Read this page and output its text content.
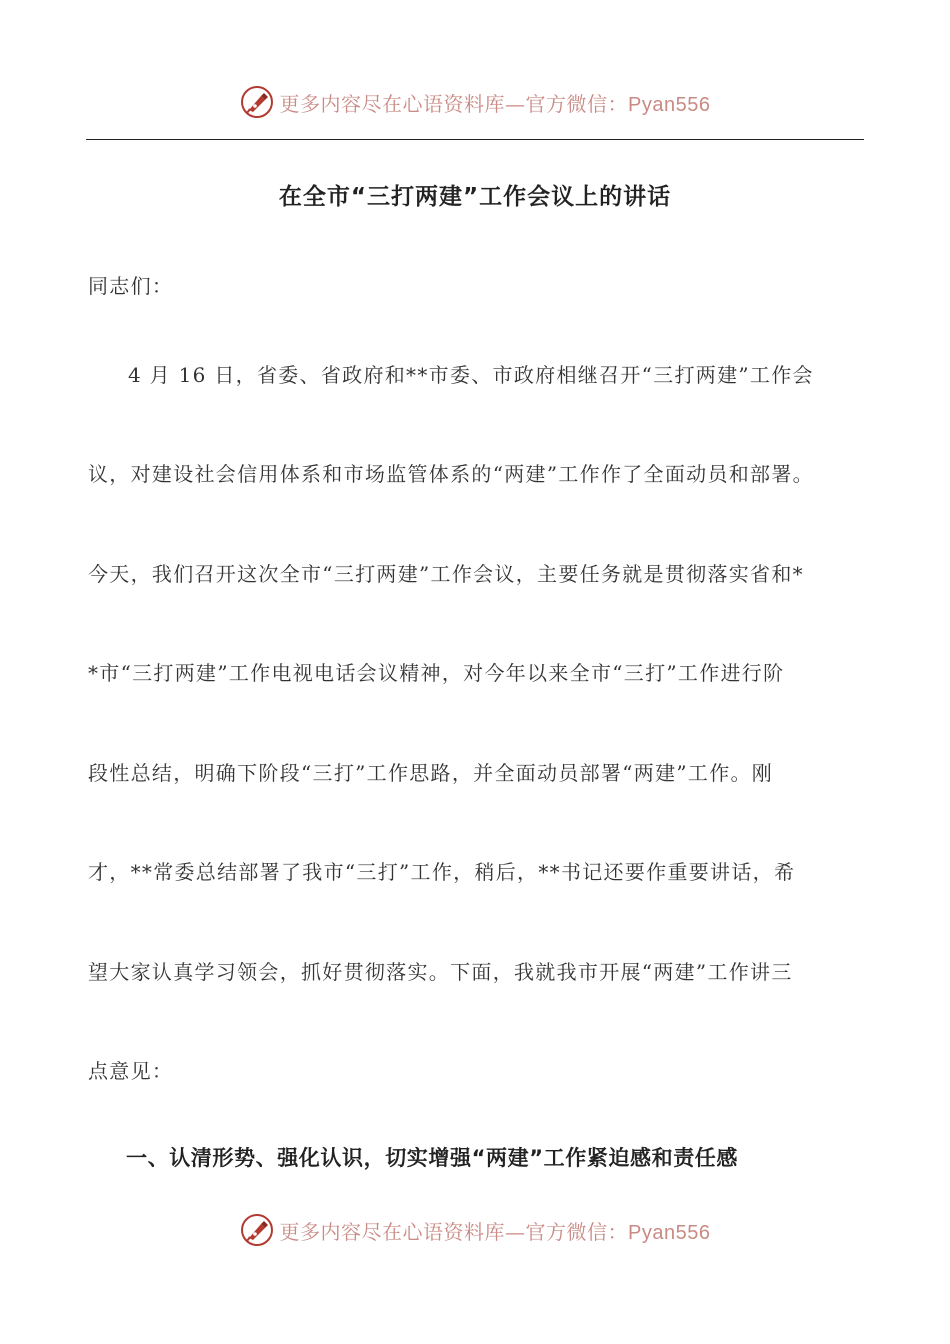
更多内容尽在心语资料库—官方微信：Pyan556
在全市“三打两建”工作会议上的讲话
同志们：
4 月 16 日，省委、省政府和**市委、市政府相继召开“三打两建”工作会
议，对建设社会信用体系和市场监管体系的“两建”工作作了全面动员和部署。
今天，我们召开这次全市“三打两建”工作会议，主要任务就是贯彻落实省和*
*市“三打两建”工作电视电话会议精神，对今年以来全市“三打”工作进行阶
段性总结，明确下阶段“三打”工作思路，并全面动员部署“两建”工作。刚
才，**常委总结部署了我市“三打”工作，稍后，**书记还要作重要讲话，希
望大家认真学习领会，抓好贯彻落实。下面，我就我市开展“两建”工作讲三
点意见：
一、认清形势、强化认识，切实增强“两建”工作紧迫感和责任感
更多内容尽在心语资料库—官方微信：Pyan556
